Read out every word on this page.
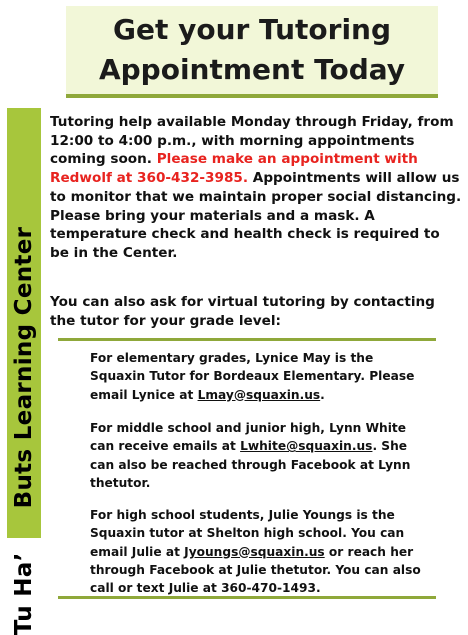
Get your Tutoring
Appointment Today
Tu Ha’Buts Learning Center
Tutoring help available Monday through Friday, from 12:00 to 4:00 p.m., with morning appointments coming soon. Please make an appointment with Redwolf at 360-432-3985. Appointments will allow us to monitor that we maintain proper social distancing. Please bring your materials and a mask. A temperature check and health check is required to be in the Center.
You can also ask for virtual tutoring by contacting the tutor for your grade level:
For elementary grades, Lynice May is the Squaxin Tutor for Bordeaux Elementary. Please email Lynice at Lmay@squaxin.us.
For middle school and junior high, Lynn White can receive emails at Lwhite@squaxin.us. She can also be reached through Facebook at Lynn thetutor.
For high school students, Julie Youngs is the Squaxin tutor at Shelton high school. You can email Julie at Jyoungs@squaxin.us or reach her through Facebook at Julie thetutor. You can also call or text Julie at 360-470-1493.
